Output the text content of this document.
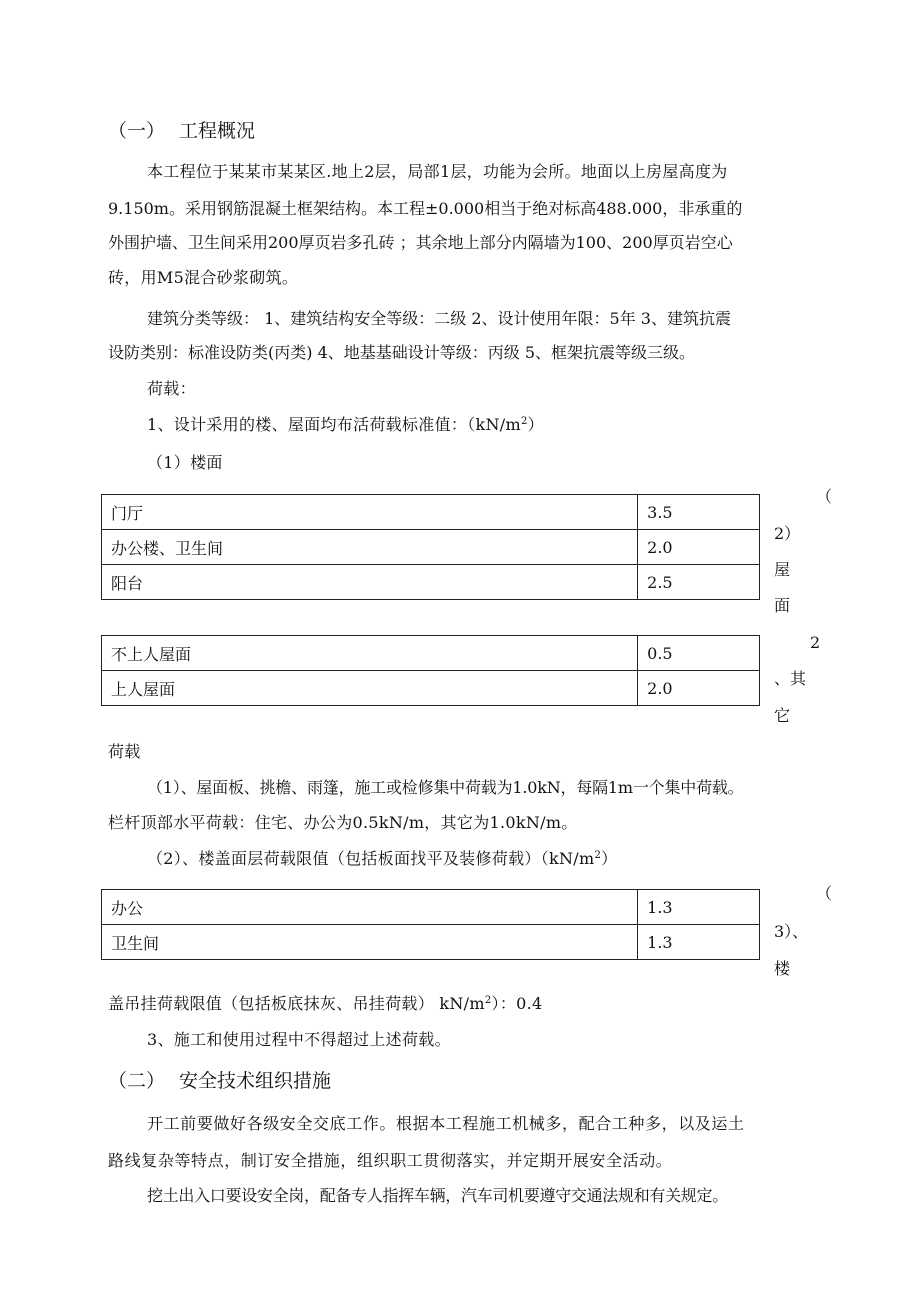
（一） 工程概况
本工程位于某某市某某区.地上2层，局部1层，功能为会所。地面以上房屋高度为
9.150m。采用钢筋混凝土框架结构。本工程±0.000相当于绝对标高488.000，非承重的
外围护墙、卫生间采用200厚页岩多孔砖 ；其余地上部分内隔墙为100、200厚页岩空心
砖，用M5混合砂浆砌筑。
建筑分类等级： 1、建筑结构安全等级：二级 2、设计使用年限：5年 3、建筑抗震
设防类别：标准设防类(丙类) 4、地基基础设计等级：丙级 5、框架抗震等级三级。
荷载：
1、设计采用的楼、屋面均布活荷载标准值：$(kN/m^2)$
（1）楼面
门厅	3.5
办公楼、卫生间	2.0
阳台	2.5
（
2）
屋
面
不上人屋面	0.5
上人屋面	2.0
2
、其
它
荷载
（1）、屋面板、挑檐、雨篷，施工或检修集中荷载为1.0kN，每隔1m一个集中荷载。
栏杆顶部水平荷载：住宅、办公为0.5kN/m，其它为1.0kN/m。
（2）、楼盖面层荷载限值（包括板面找平及装修荷载）$(kN/m^2)$
办公	1.3
卫生间	1.3
（
3）、
楼
盖吊挂荷载限值（包括板底抹灰、吊挂荷载） $kN/m^2$）：0.4
3、施工和使用过程中不得超过上述荷载。
（二） 安全技术组织措施
开工前要做好各级安全交底工作。根据本工程施工机械多，配合工种多，以及运土
路线复杂等特点，制订安全措施，组织职工贯彻落实，并定期开展安全活动。
挖土出入口要设安全岗，配备专人指挥车辆，汽车司机要遵守交通法规和有关规定。
